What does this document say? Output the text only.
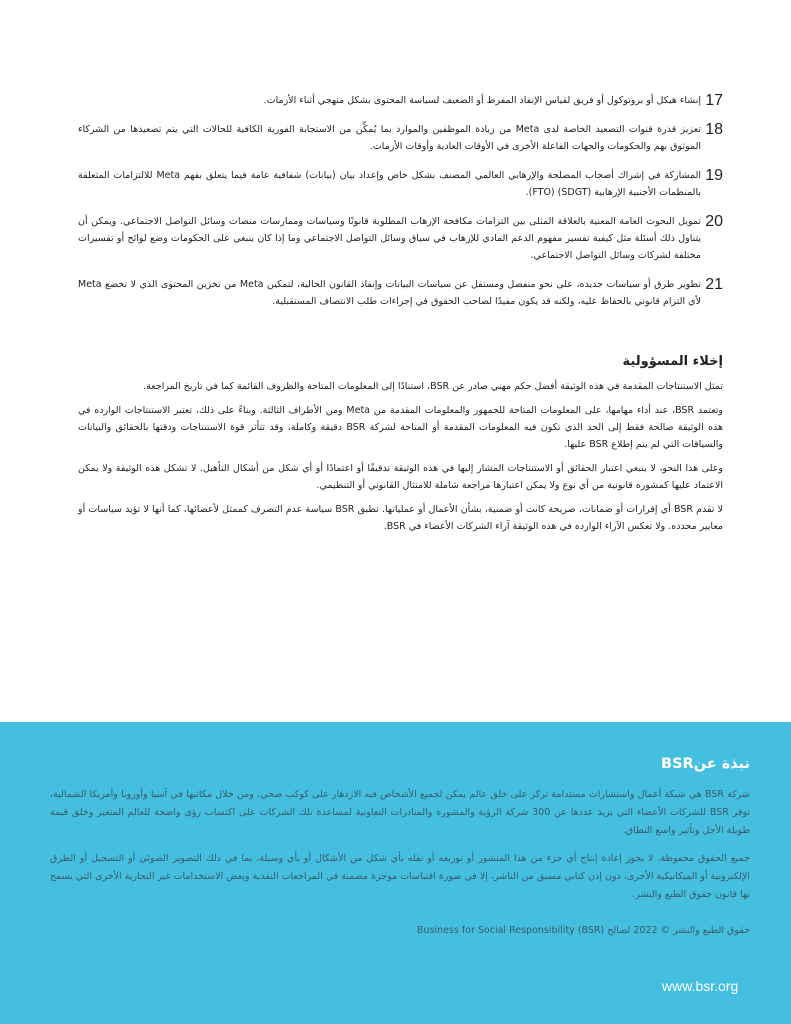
17

إنشاء هيكل أو بروتوكول أو فريق لقياس الإنفاذ المفرط أو الضعيف لسياسة المحتوى بشكل منهجي أثناء الأزمات.

18

تعزيز قدرة قنوات التصعيد الخاصة لدى Meta من زيادة الموظفين والموارد بما يُمكِّن من الاستجابة الفورية الكافية للحالات التي يتم تصعيدها من الشركاء الموثوق بهم والحكومات والجهات الفاعلة الأخرى في الأوقات العادية وأوقات الأزمات.

19

المشاركة في إشراك أصحاب المصلحة والإرهابي العالمي المصنف بشكل خاص وإعداد بيان (بيانات) شفافية عامة فيما يتعلق بفهم Meta للالتزامات المتعلقة بالمنظمات الأجنبية الإرهابية (SDGT) (FTO).

20

تمويل البحوث العامة المعنية بالعلاقة المثلى بين التزامات مكافحة الإرهاب المطلوبة قانونًا وسياسات وممارسات منصات وسائل التواصل الاجتماعي. ويمكن أن يتناول ذلك أسئلة مثل كيفية تفسير مفهوم الدعم المادي للإرهاب في سياق وسائل التواصل الاجتماعي وما إذا كان ينبغي على الحكومات وضع لوائح أو تفسيرات مختلفة لشركات وسائل التواصل الاجتماعي.

21

تطوير طرق أو سياسات جديده، على نحو منفصل ومستقل عن سياسات البيانات وإنفاذ القانون الحالية، لتمكين Meta من تخزين المحتوى الذي لا تخضع Meta لأي التزام قانوني بالحفاظ عليه، ولكنه قد يكون مفيدًا لصاحب الحقوق في إجراءات طلب الانتصاف المستقبلية.

إخلاء المسؤولية

تمثل الاستنتاجات المقدمة في هذه الوثيقة أفضل حكم مهني صادر عن BSR، استنادًا إلى المعلومات المتاحة والظروف القائمة كما في تاريخ المراجعة.

وتعتمد BSR، عند أداء مهامها، على المعلومات المتاحة للجمهور والمعلومات المقدمة من Meta ومن الأطراف الثالثة. وبناءً على ذلك، تعتبر الاستنتاجات الوارده في هذه الوثيقة صالحة فقط إلى الحد الذي تكون فيه المعلومات المقدمة أو المتاحة لشركة BSR دقيقة وكاملة، وقد تتأثر قوة الاستنتاجات ودقتها بالحقائق والبيانات والسياقات التي لم يتم إطلاع BSR عليها.

وعلى هذا النحو، لا ينبغي اعتبار الحقائق أو الاستنتاجات المشار إليها في هذه الوثيقة تدقيقًا أو اعتمادًا أو أي شكل من أشكال التأهيل. لا تشكل هذه الوثيقة ولا يمكن الاعتماد عليها كمشوره قانونية من أي نوع ولا يمكن اعتبارها مراجعة شاملة للامتثال القانوني أو التنظيمي.

لا تقدم BSR أي إقرارات أو ضمانات، صريحة كانت أو ضمنية، بشأن الأعمال أو عملياتها. تطبق BSR سياسة عدم التصرف كممثل لأعضائها، كما أنها لا تؤيد سياسات أو معايير محدده. ولا تعكس الآراء الوارده في هذه الوثيقة آراء الشركات الأعضاء في BSR.

نبذة عنBSR

شركة BSR هي شبكة أعمال واستشارات مستدامة تركز على خلق عالم يمكن لجميع الأشخاص فيه الازدهار على كوكب صحي. ومن خلال مكاتبها في آسيا وأوروبا وأمريكا الشمالية، توفر BSR للشركات الأعضاء التي يزيد عددها عن 300 شركة الرؤية والمشوره والمبادرات التعاونية لمساعدة تلك الشركات على اكتساب رؤى واضحة للعالم المتغير وخلق قيمة طويلة الأجل وتأثير واسع النطاق.

جميع الحقوق محفوظة. لا يجوز إعادة إنتاج أي جزء من هذا المنشور أو توزيعه أو نقله بأي شكل من الأشكال أو بأي وسيلة، بما في ذلك التصوير الضوئي أو التسجيل أو الطرق الإلكترونية أو الميكانيكية الأخرى، دون إذن كتابي مسبق من الناشر، إلا في صورة اقتباسات موجزة مضمنة في المراجعات النقدية وبعض الاستخدامات غير التجارية الأخرى التي يسمح بها قانون حقوق الطبع والنشر.

حقوق الطبع والنشر © 2022 لصالح Business for Social Responsibility (BSR)

www.bsr.org
